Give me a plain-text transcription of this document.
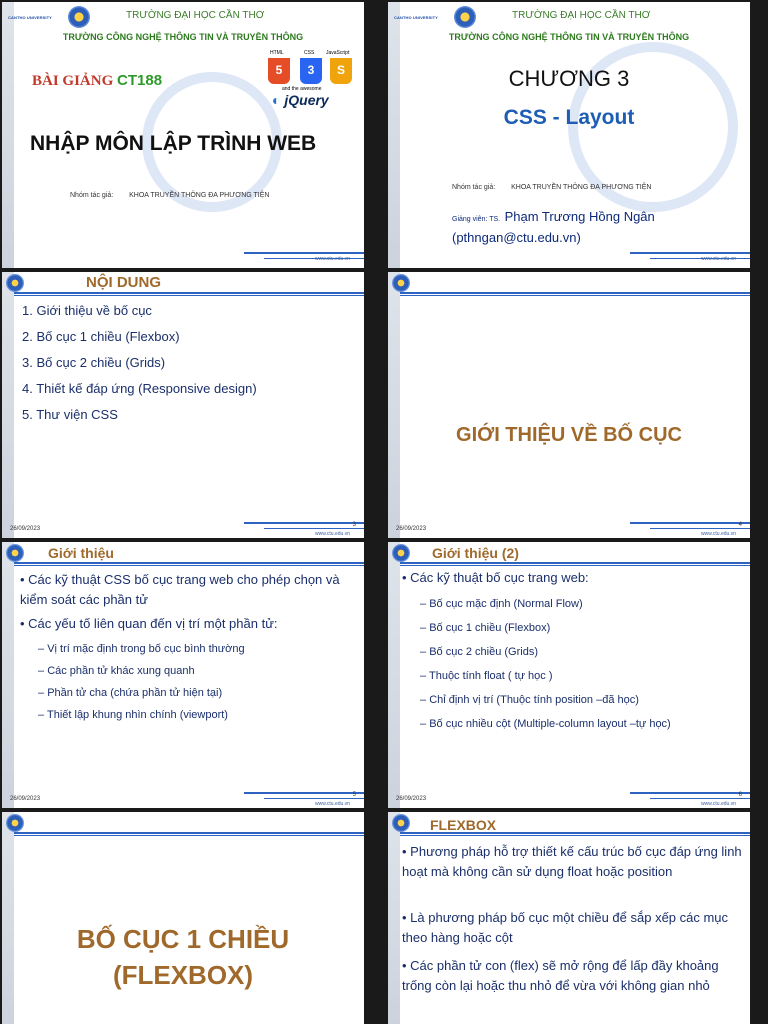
CANTHO UNIVERSITY	TRƯỜNG ĐẠI HỌC CẦN THƠ
TRƯỜNG CÔNG NGHỆ THÔNG TIN VÀ TRUYỀN THÔNG
BÀI GIẢNG CT188
HTML	CSS JavaScript
5	3	S
and the awesome
◐ jQuery
NHẬP MÔN LẬP TRÌNH WEB
Nhóm tác giả: KHOA TRUYỀN THÔNG ĐA PHƯƠNG TIỆN
www.ctu.edu.vn
CANTHO UNIVERSITY	TRƯỜNG ĐẠI HỌC CẦN THƠ
TRƯỜNG CÔNG NGHỆ THÔNG TIN VÀ TRUYỀN THÔNG
CHƯƠNG 3
CSS - Layout
Nhóm tác giả: KHOA TRUYỀN THÔNG ĐA PHƯƠNG TIỆN
Giảng viên: TS. Phạm Trương Hồng Ngân
(pthngan@ctu.edu.vn)
www.ctu.edu.vn
NỘI DUNG
1. Giới thiệu về bố cục
2. Bố cục 1 chiều (Flexbox)
3. Bố cục 2 chiều (Grids)
4. Thiết kế đáp ứng (Responsive design)
5. Thư viện CSS
26/09/2023
3
www.ctu.edu.vn
GIỚI THIỆU VỀ BỐ CỤC
26/09/2023
4
www.ctu.edu.vn
Giới thiệu
• Các kỹ thuật CSS bố cục trang web cho phép chọn và kiểm soát các phần tử
• Các yếu tố liên quan đến vị trí một phần tử:
– Vị trí mặc định trong bố cục bình thường
– Các phần tử khác xung quanh
– Phần tử cha (chứa phần tử hiện tại)
– Thiết lập khung nhìn chính (viewport)
26/09/2023
5
www.ctu.edu.vn
Giới thiệu (2)
• Các kỹ thuật bố cục trang web:
– Bố cục mặc định (Normal Flow)
– Bố cục 1 chiều (Flexbox)
– Bố cục 2 chiều (Grids)
– Thuộc tính float ( tự học )
– Chỉ định vị trí (Thuộc tính position –đã học)
– Bố cục nhiều cột (Multiple-column layout –tự học)
26/09/2023
6
www.ctu.edu.vn
BỐ CỤC 1 CHIỀU
(FLEXBOX)
FLEXBOX
• Phương pháp hỗ trợ thiết kế cấu trúc bố cục đáp ứng linh hoạt mà không cần sử dụng float hoặc position
• Là phương pháp bố cục một chiều để sắp xếp các mục theo hàng hoặc cột
• Các phần tử con (flex) sẽ mở rộng để lấp đầy khoảng trống còn lại hoặc thu nhỏ để vừa với không gian nhỏ
